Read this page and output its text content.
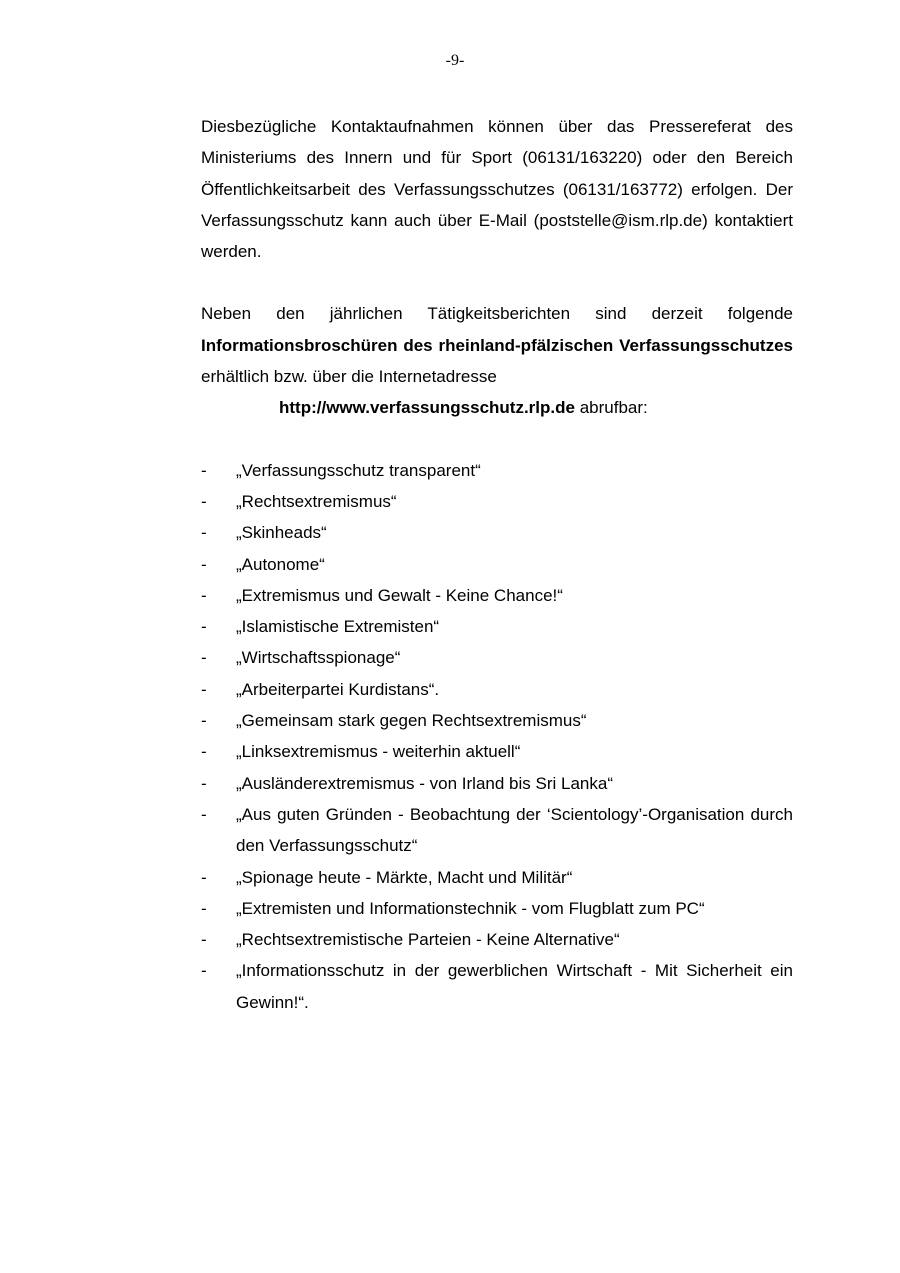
-9-

Diesbezügliche Kontaktaufnahmen können über das Pressereferat des Ministeriums des Innern und für Sport (06131/163220) oder den Bereich Öffentlichkeitsarbeit des Verfassungsschutzes (06131/163772) erfolgen. Der Verfassungsschutz kann auch über E-Mail (poststelle@ism.rlp.de) kontaktiert werden.

Neben den jährlichen Tätigkeitsberichten sind derzeit folgende Informationsbroschüren des rheinland-pfälzischen Verfassungsschutzes erhältlich bzw. über die Internetadresse

http://www.verfassungsschutz.rlp.de abrufbar:

-	„Verfassungsschutz transparent“
-	„Rechtsextremismus“
-	„Skinheads“
-	„Autonome“
-	„Extremismus und Gewalt - Keine Chance!“
-	„Islamistische Extremisten“
-	„Wirtschaftsspionage“
-	„Arbeiterpartei Kurdistans“.
-	„Gemeinsam stark gegen Rechtsextremismus“
-	„Linksextremismus - weiterhin aktuell“
-	„Ausländerextremismus - von Irland bis Sri Lanka“
-	„Aus guten Gründen - Beobachtung der ‘Scientology’-Organisation durch den Verfassungsschutz“
-	„Spionage heute - Märkte, Macht und Militär“
-	„Extremisten und Informationstechnik - vom Flugblatt zum PC“
-	„Rechtsextremistische Parteien - Keine Alternative“
-	„Informationsschutz in der gewerblichen Wirtschaft - Mit Sicherheit ein Gewinn!“.
